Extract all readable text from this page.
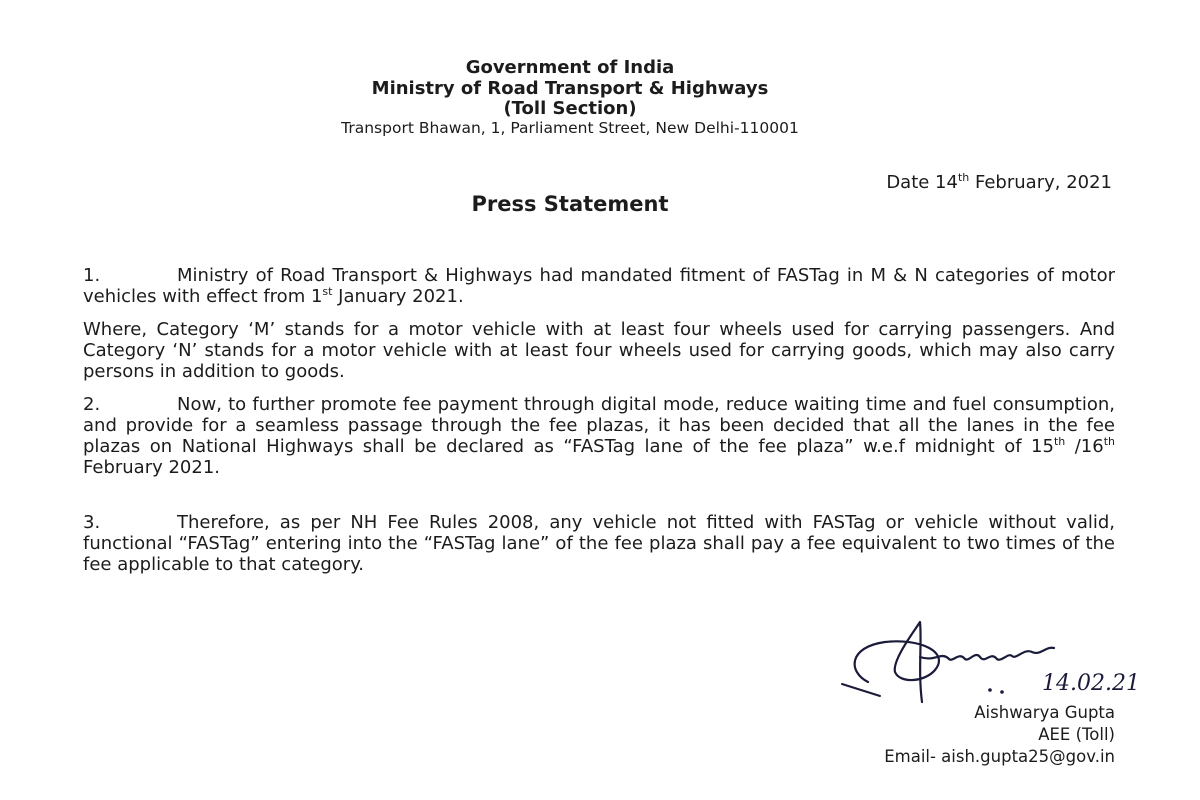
Government of India
Ministry of Road Transport & Highways
(Toll Section)
Transport Bhawan, 1, Parliament Street, New Delhi-110001
Date 14th February, 2021
Press Statement
1.	Ministry of Road Transport & Highways had mandated fitment of FASTag in M & N categories of motor vehicles with effect from 1st January 2021.
Where, Category ‘M’ stands for a motor vehicle with at least four wheels used for carrying passengers. And Category ‘N’ stands for a motor vehicle with at least four wheels used for carrying goods, which may also carry persons in addition to goods.
2.	Now, to further promote fee payment through digital mode, reduce waiting time and fuel consumption, and provide for a seamless passage through the fee plazas, it has been decided that all the lanes in the fee plazas on National Highways shall be declared as “FASTag lane of the fee plaza” w.e.f midnight of 15th /16th February 2021.
3.	Therefore, as per NH Fee Rules 2008, any vehicle not fitted with FASTag or vehicle without valid, functional “FASTag” entering into the “FASTag lane” of the fee plaza shall pay a fee equivalent to two times of the fee applicable to that category.
14.02.21
Aishwarya Gupta
AEE (Toll)
Email- aish.gupta25@gov.in
